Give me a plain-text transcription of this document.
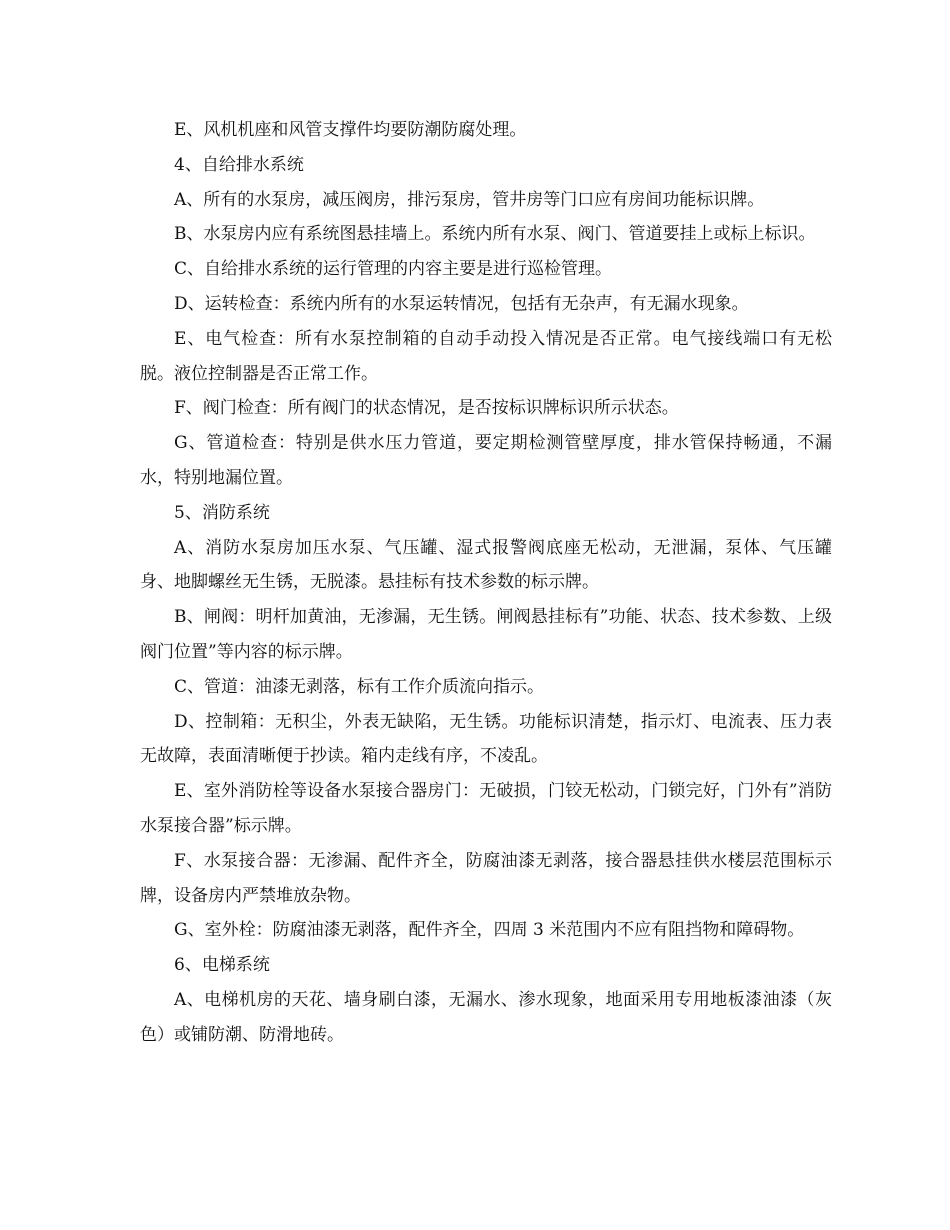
E、风机机座和风管支撑件均要防潮防腐处理。

4、自给排水系统

A、所有的水泵房，减压阀房，排污泵房，管井房等门口应有房间功能标识牌。

B、水泵房内应有系统图悬挂墙上。系统内所有水泵、阀门、管道要挂上或标上标识。

C、自给排水系统的运行管理的内容主要是进行巡检管理。

D、运转检查：系统内所有的水泵运转情况，包括有无杂声，有无漏水现象。

E、电气检查：所有水泵控制箱的自动手动投入情况是否正常。电气接线端口有无松脱。液位控制器是否正常工作。

F、阀门检查：所有阀门的状态情况，是否按标识牌标识所示状态。

G、管道检查：特别是供水压力管道，要定期检测管壁厚度，排水管保持畅通，不漏水，特别地漏位置。

5、消防系统

A、消防水泵房加压水泵、气压罐、湿式报警阀底座无松动，无泄漏，泵体、气压罐身、地脚螺丝无生锈，无脱漆。悬挂标有技术参数的标示牌。

B、闸阀：明杆加黄油，无渗漏，无生锈。闸阀悬挂标有”功能、状态、技术参数、上级阀门位置”等内容的标示牌。

C、管道：油漆无剥落，标有工作介质流向指示。

D、控制箱：无积尘，外表无缺陷，无生锈。功能标识清楚，指示灯、电流表、压力表无故障，表面清晰便于抄读。箱内走线有序，不凌乱。

E、室外消防栓等设备水泵接合器房门：无破损，门铰无松动，门锁完好，门外有”消防水泵接合器”标示牌。

F、水泵接合器：无渗漏、配件齐全，防腐油漆无剥落，接合器悬挂供水楼层范围标示牌，设备房内严禁堆放杂物。

G、室外栓：防腐油漆无剥落，配件齐全，四周 3 米范围内不应有阻挡物和障碍物。

6、电梯系统

A、电梯机房的天花、墙身刷白漆，无漏水、渗水现象，地面采用专用地板漆油漆（灰色）或铺防潮、防滑地砖。
